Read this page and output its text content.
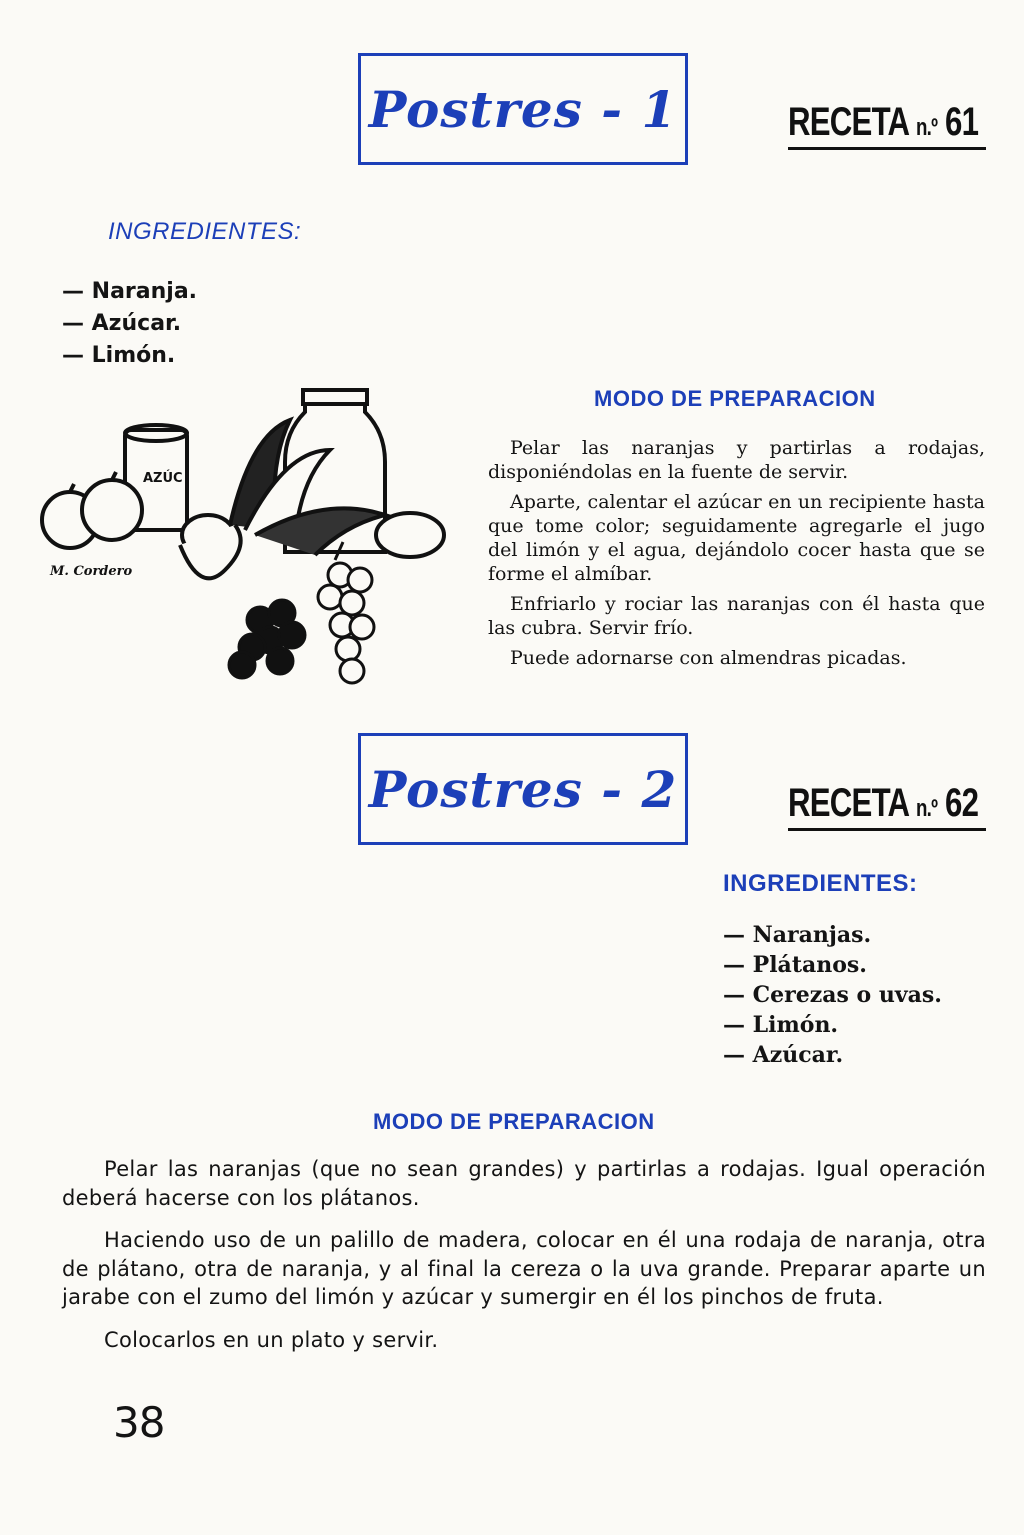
Postres - 1	RECETA n.º 61
INGREDIENTES:
— Naranja.
— Azúcar.
— Limón.
MODO DE PREPARACION

Pelar las naranjas y partirlas a rodajas, disponiéndolas en la fuente de servir.

Aparte, calentar el azúcar en un recipiente hasta que tome color; seguidamente agregarle el jugo del limón y el agua, dejándolo cocer hasta que se forme el almíbar.

Enfriarlo y rociar las naranjas con él hasta que las cubra. Servir frío.

Puede adornarse con almendras picadas.

AZÚC
M. Cordero
Postres - 2	RECETA n.º 62
INGREDIENTES:
— Naranjas.
— Plátanos.
— Cerezas o uvas.
— Limón.
— Azúcar.
MODO DE PREPARACION

Pelar las naranjas (que no sean grandes) y partirlas a rodajas. Igual operación deberá hacerse con los plátanos.

Haciendo uso de un palillo de madera, colocar en él una rodaja de naranja, otra de plátano, otra de naranja, y al final la cereza o la uva grande. Preparar aparte un jarabe con el zumo del limón y azúcar y sumergir en él los pinchos de fruta.

Colocarlos en un plato y servir.

38
